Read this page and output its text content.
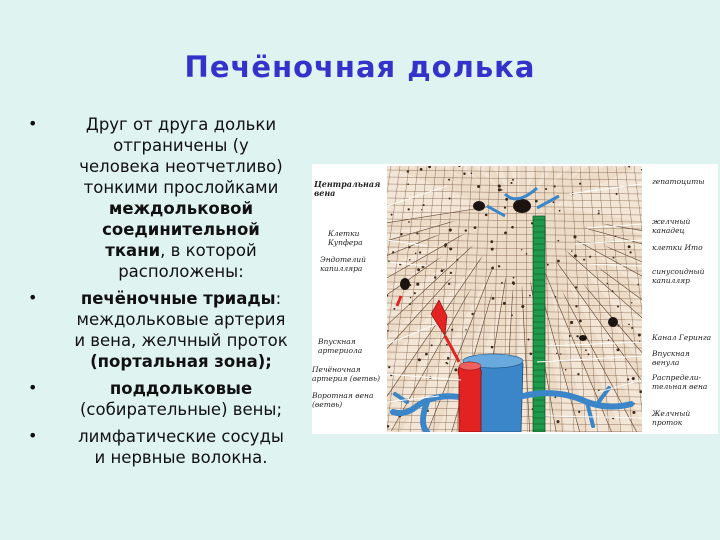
Печёночная долька
• Друг от друга дольки
отграничены (у
человека неотчетливо)
тонкими прослойками
междольковой
соединительной
ткани, в которой
расположены:
• печёночные триады:
междольковые артерия
и вена, желчный проток
(портальная зона);
• поддольковые
(собирательные) вены;
• лимфатические сосуды
и нервные волокна.
Центральная
вена
Клетки
Купфера
Эндотелий
капилляра
Впускная
артериола
Печёночная
артерия (ветвь)
Воротная вена
(ветвь)
гепатоциты
желчный
канадец
клетки Ито
синусоидный
капилляр
Канал Геринга
Впускная
венула
Распредели-
тельная вена
Желчный
проток
